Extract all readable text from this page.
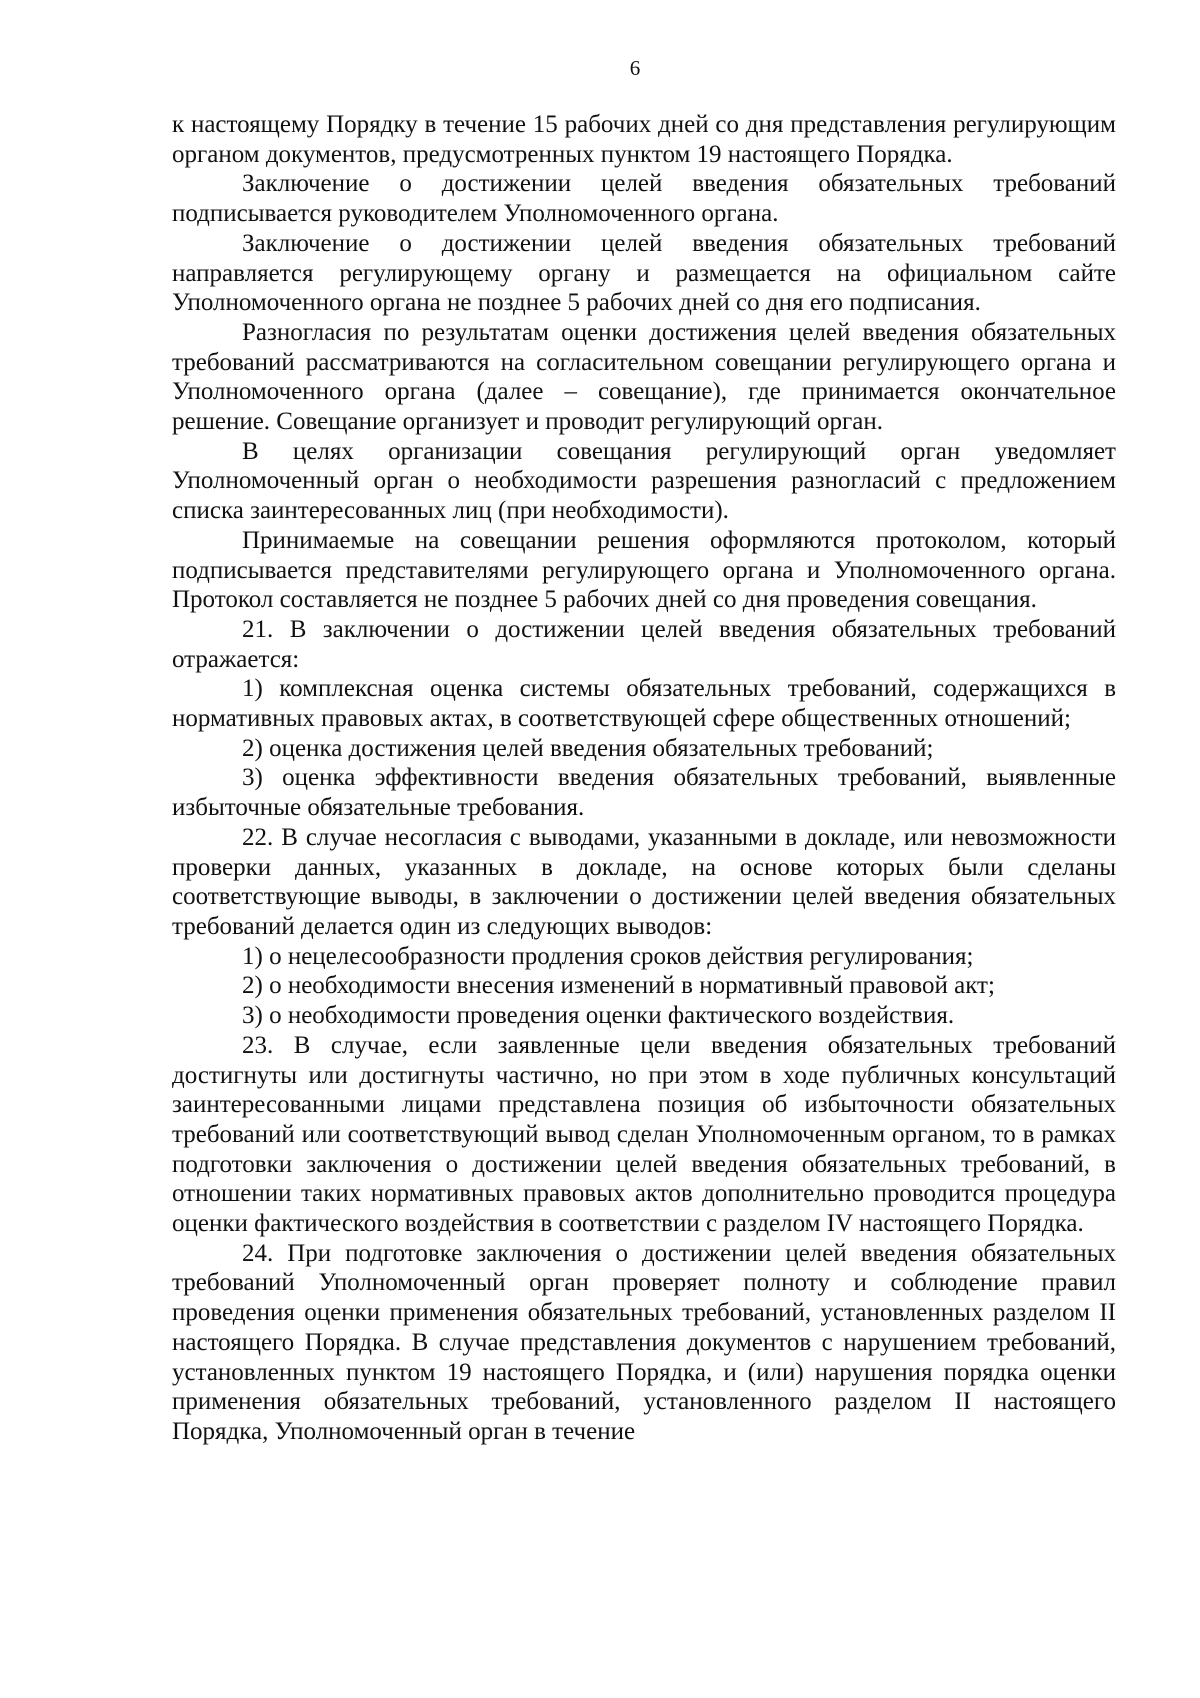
6

к настоящему Порядку в течение 15 рабочих дней со дня представления регулирующим органом документов, предусмотренных пунктом 19 настоящего Порядка.

Заключение о достижении целей введения обязательных требований подписывается руководителем Уполномоченного органа.

Заключение о достижении целей введения обязательных требований направляется регулирующему органу и размещается на официальном сайте Уполномоченного органа не позднее 5 рабочих дней со дня его подписания.

Разногласия по результатам оценки достижения целей введения обязательных требований рассматриваются на согласительном совещании регулирующего органа и Уполномоченного органа (далее – совещание), где принимается окончательное решение. Совещание организует и проводит регулирующий орган.

В целях организации совещания регулирующий орган уведомляет Уполномоченный орган о необходимости разрешения разногласий с предложением списка заинтересованных лиц (при необходимости).

Принимаемые на совещании решения оформляются протоколом, который подписывается представителями регулирующего органа и Уполномоченного органа. Протокол составляется не позднее 5 рабочих дней со дня проведения совещания.

21. В заключении о достижении целей введения обязательных требований отражается:

1) комплексная оценка системы обязательных требований, содержащихся в нормативных правовых актах, в соответствующей сфере общественных отношений;

2) оценка достижения целей введения обязательных требований;

3) оценка эффективности введения обязательных требований, выявленные избыточные обязательные требования.

22. В случае несогласия с выводами, указанными в докладе, или невозможности проверки данных, указанных в докладе, на основе которых были сделаны соответствующие выводы, в заключении о достижении целей введения обязательных требований делается один из следующих выводов:

1) о нецелесообразности продления сроков действия регулирования;

2) о необходимости внесения изменений в нормативный правовой акт;

3) о необходимости проведения оценки фактического воздействия.

23. В случае, если заявленные цели введения обязательных требований достигнуты или достигнуты частично, но при этом в ходе публичных консультаций заинтересованными лицами представлена позиция об избыточности обязательных требований или соответствующий вывод сделан Уполномоченным органом, то в рамках подготовки заключения о достижении целей введения обязательных требований, в отношении таких нормативных правовых актов дополнительно проводится процедура оценки фактического воздействия в соответствии с разделом IV настоящего Порядка.

24. При подготовке заключения о достижении целей введения обязательных требований Уполномоченный орган проверяет полноту и соблюдение правил проведения оценки применения обязательных требований, установленных разделом II настоящего Порядка. В случае представления документов с нарушением требований, установленных пунктом 19 настоящего Порядка, и (или) нарушения порядка оценки применения обязательных требований, установленного разделом II настоящего Порядка, Уполномоченный орган в течение
